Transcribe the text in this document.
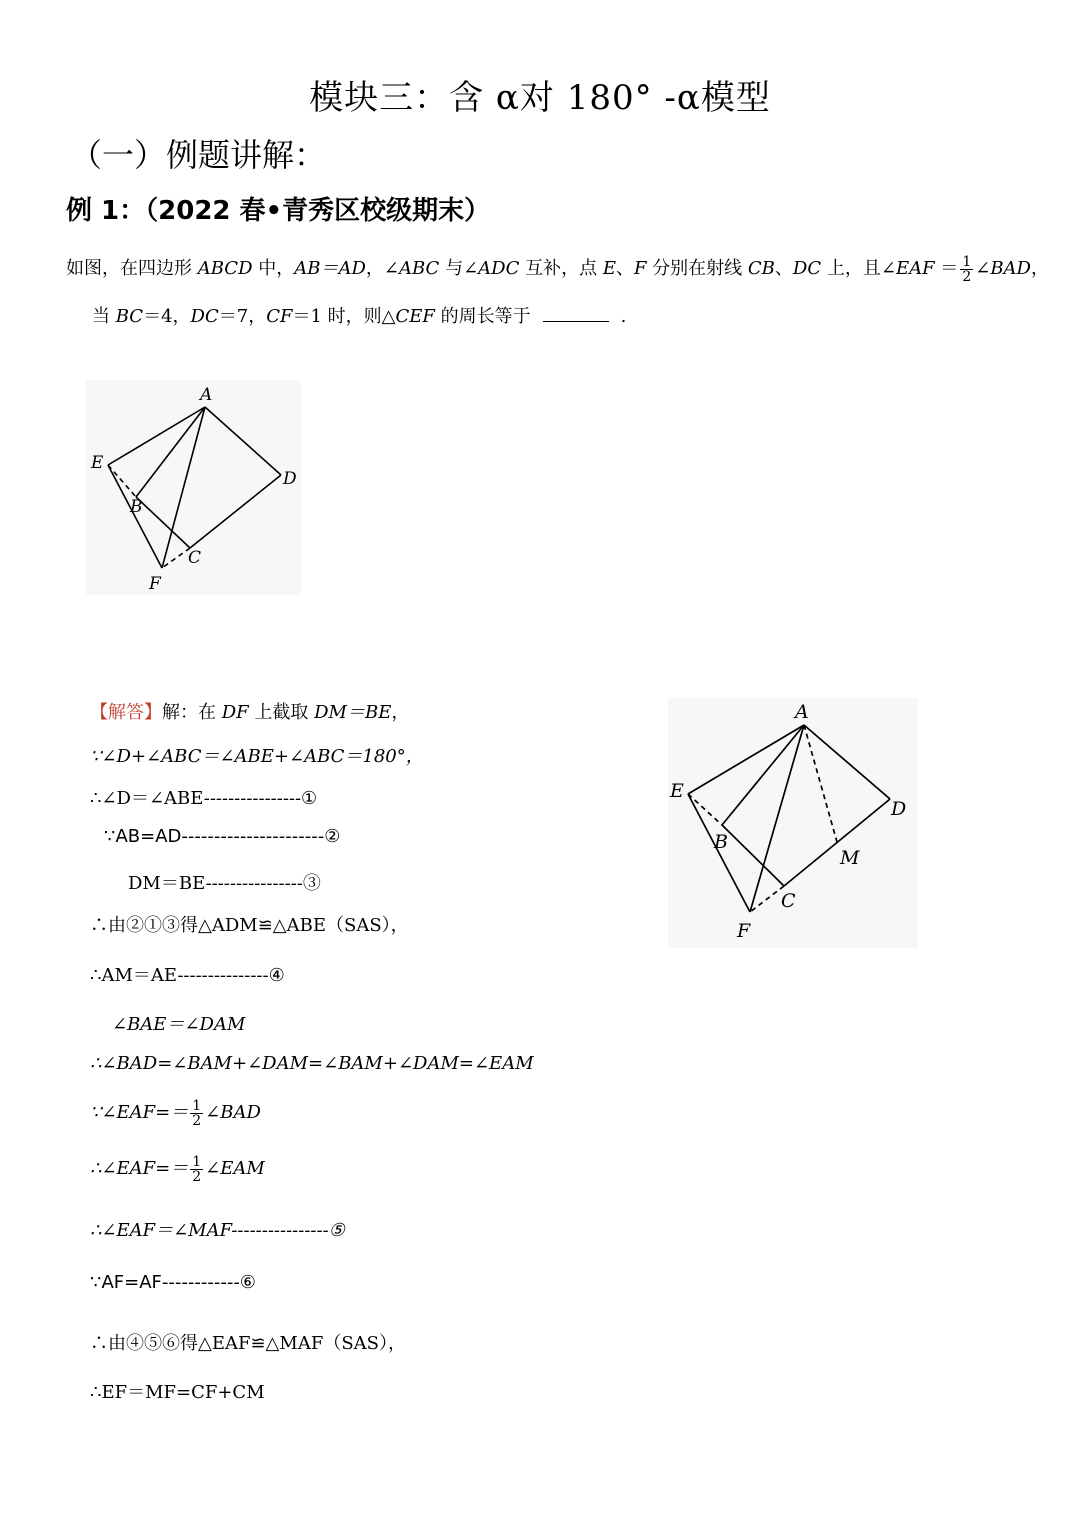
模块三：含 α对 180° -α模型
（一）例题讲解：
例 1：（2022 春•青秀区校级期末）
如图，在四边形 ABCD 中，AB＝AD，∠ABC 与∠ADC 互补，点 E、F 分别在射线 CB、DC 上，且∠EAF ＝ $\frac{1}{2}$ ∠BAD，
当 BC＝4，DC＝7，CF＝1 时，则△CEF 的周长等于	.
A
E
D
B
C
F
【解答】解：在 DF 上截取 DM＝BE，
∵∠D+∠ABC＝∠ABE+∠ABC＝180°，
∴∠D＝∠ABE----------------①
∵AB=AD----------------------②
DM＝BE----------------③
∴由②①③得△ADM≌△ABE（SAS），
∴AM＝AE---------------④
∠BAE＝∠DAM
∴∠BAD=∠BAM+∠DAM=∠BAM+∠DAM=∠EAM
∵∠EAF=＝ $\frac{1}{2}$ ∠BAD
∴∠EAF=＝ $\frac{1}{2}$ ∠EAM
∴∠EAF＝∠MAF----------------⑤
∵AF=AF------------⑥
∴由④⑤⑥得△EAF≌△MAF（SAS），
∴EF＝MF=CF+CM
A
E
D
B
M
C
F
